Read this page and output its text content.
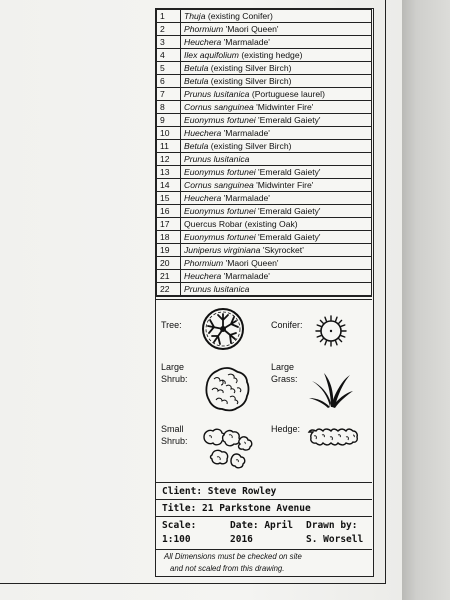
1	Thuja (existing Conifer)
2	Phormium 'Maori Queen'
3	Heuchera 'Marmalade'
4	Ilex aquifolium (existing hedge)
5	Betula (existing Silver Birch)
6	Betula (existing Silver Birch)
7	Prunus lusitanica (Portuguese laurel)
8	Cornus sanguinea 'Midwinter Fire'
9	Euonymus fortunei 'Emerald Gaiety'
10	Huechera 'Marmalade'
11	Betula (existing Silver Birch)
12	Prunus lusitanica
13	Euonymus fortunei 'Emerald Gaiety'
14	Cornus sanguinea 'Midwinter Fire'
15	Heuchera 'Marmalade'
16	Euonymus fortunei 'Emerald Gaiety'
17	Quercus Robar (existing Oak)
18	Euonymus fortunei 'Emerald Gaiety'
19	Juniperus virginiana 'Skyrocket'
20	Phormium 'Maori Queen'
21	Heuchera 'Marmalade'
22	Prunus lusitanica
Tree:	Conifer:
Large
Shrub:
Large
Grass:
Small
Shrub:
Hedge:
Client: Steve Rowley
Title: 21 Parkstone Avenue
Scale:
1:100
Date: April
2016
Drawn by:
S. Worsell
All Dimensions must be checked on site
and not scaled from this drawing.
